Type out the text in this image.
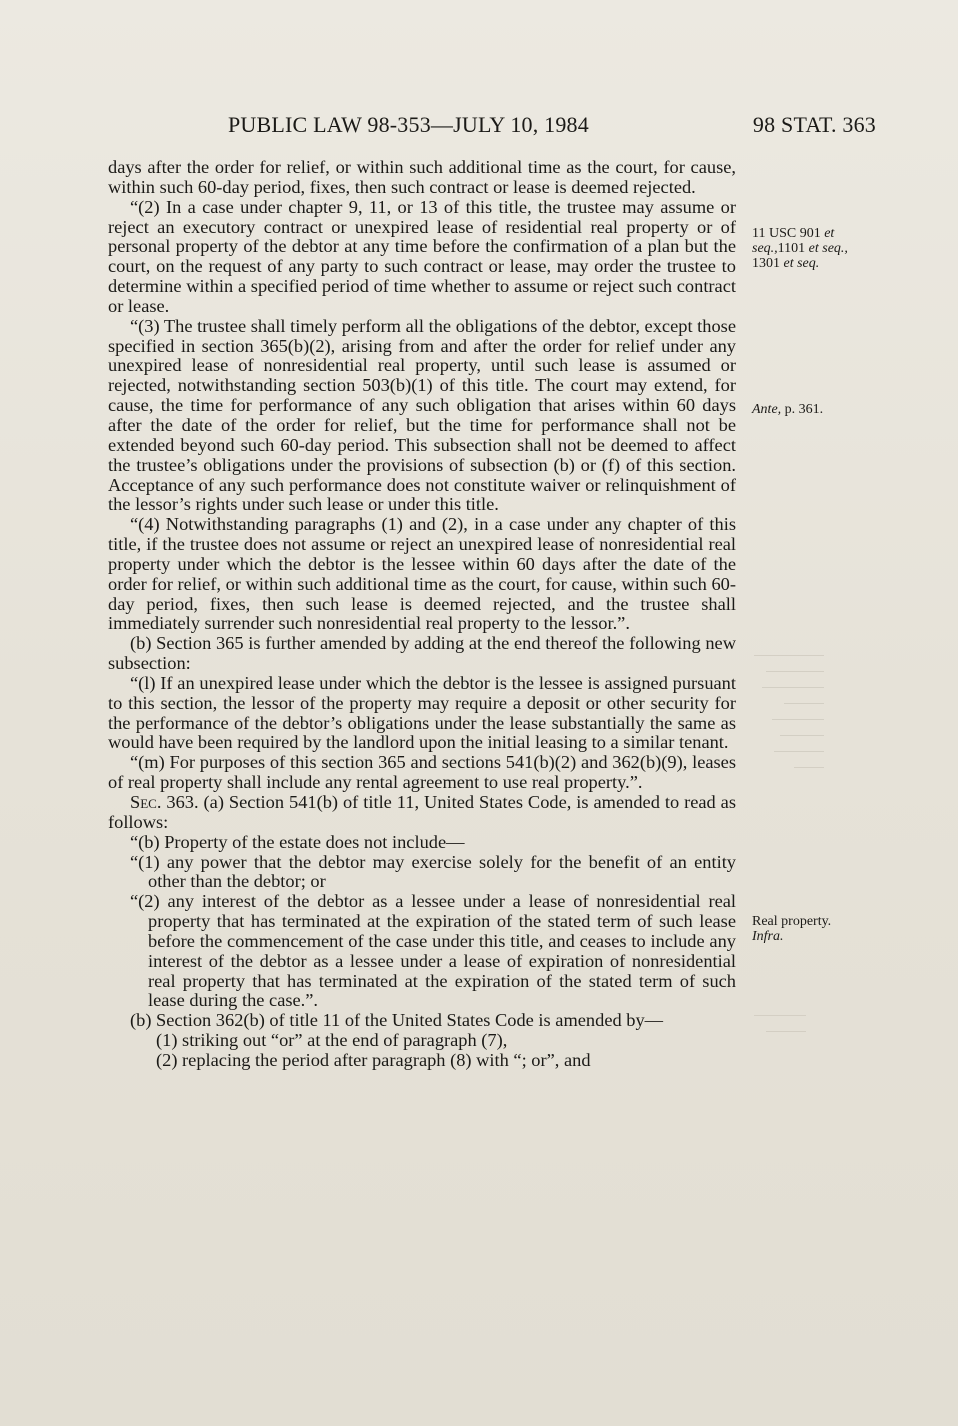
PUBLIC LAW 98-353—JULY 10, 1984	98 STAT. 363

days after the order for relief, or within such additional time as the court, for cause, within such 60-day period, fixes, then such contract or lease is deemed rejected.

“(2) In a case under chapter 9, 11, or 13 of this title, the trustee may assume or reject an executory contract or unexpired lease of residential real property or of personal property of the debtor at any time before the confirmation of a plan but the court, on the request of any party to such contract or lease, may order the trustee to determine within a specified period of time whether to assume or reject such contract or lease.

“(3) The trustee shall timely perform all the obligations of the debtor, except those specified in section 365(b)(2), arising from and after the order for relief under any unexpired lease of nonresidential real property, until such lease is assumed or rejected, notwithstanding section 503(b)(1) of this title. The court may extend, for cause, the time for performance of any such obligation that arises within 60 days after the date of the order for relief, but the time for performance shall not be extended beyond such 60-day period. This subsection shall not be deemed to affect the trustee’s obligations under the provisions of subsection (b) or (f) of this section. Acceptance of any such performance does not constitute waiver or relinquishment of the lessor’s rights under such lease or under this title.

“(4) Notwithstanding paragraphs (1) and (2), in a case under any chapter of this title, if the trustee does not assume or reject an unexpired lease of nonresidential real property under which the debtor is the lessee within 60 days after the date of the order for relief, or within such additional time as the court, for cause, within such 60-day period, fixes, then such lease is deemed rejected, and the trustee shall immediately surrender such nonresidential real property to the lessor.”.

(b) Section 365 is further amended by adding at the end thereof the following new subsection:

“(l) If an unexpired lease under which the debtor is the lessee is assigned pursuant to this section, the lessor of the property may require a deposit or other security for the performance of the debtor’s obligations under the lease substantially the same as would have been required by the landlord upon the initial leasing to a similar tenant.

“(m) For purposes of this section 365 and sections 541(b)(2) and 362(b)(9), leases of real property shall include any rental agreement to use real property.”.

Sec. 363. (a) Section 541(b) of title 11, United States Code, is amended to read as follows:

“(b) Property of the estate does not include—

“(1) any power that the debtor may exercise solely for the benefit of an entity other than the debtor; or

“(2) any interest of the debtor as a lessee under a lease of nonresidential real property that has terminated at the expiration of the stated term of such lease before the commencement of the case under this title, and ceases to include any interest of the debtor as a lessee under a lease of expiration of nonresidential real property that has terminated at the expiration of the stated term of such lease during the case.”.

(b) Section 362(b) of title 11 of the United States Code is amended by—

(1) striking out “or” at the end of paragraph (7),

(2) replacing the period after paragraph (8) with “; or”, and

11 USC 901 et
seq.,1101 et seq.,
1301 et seq.
Ante, p. 361.
Real property.
Infra.
